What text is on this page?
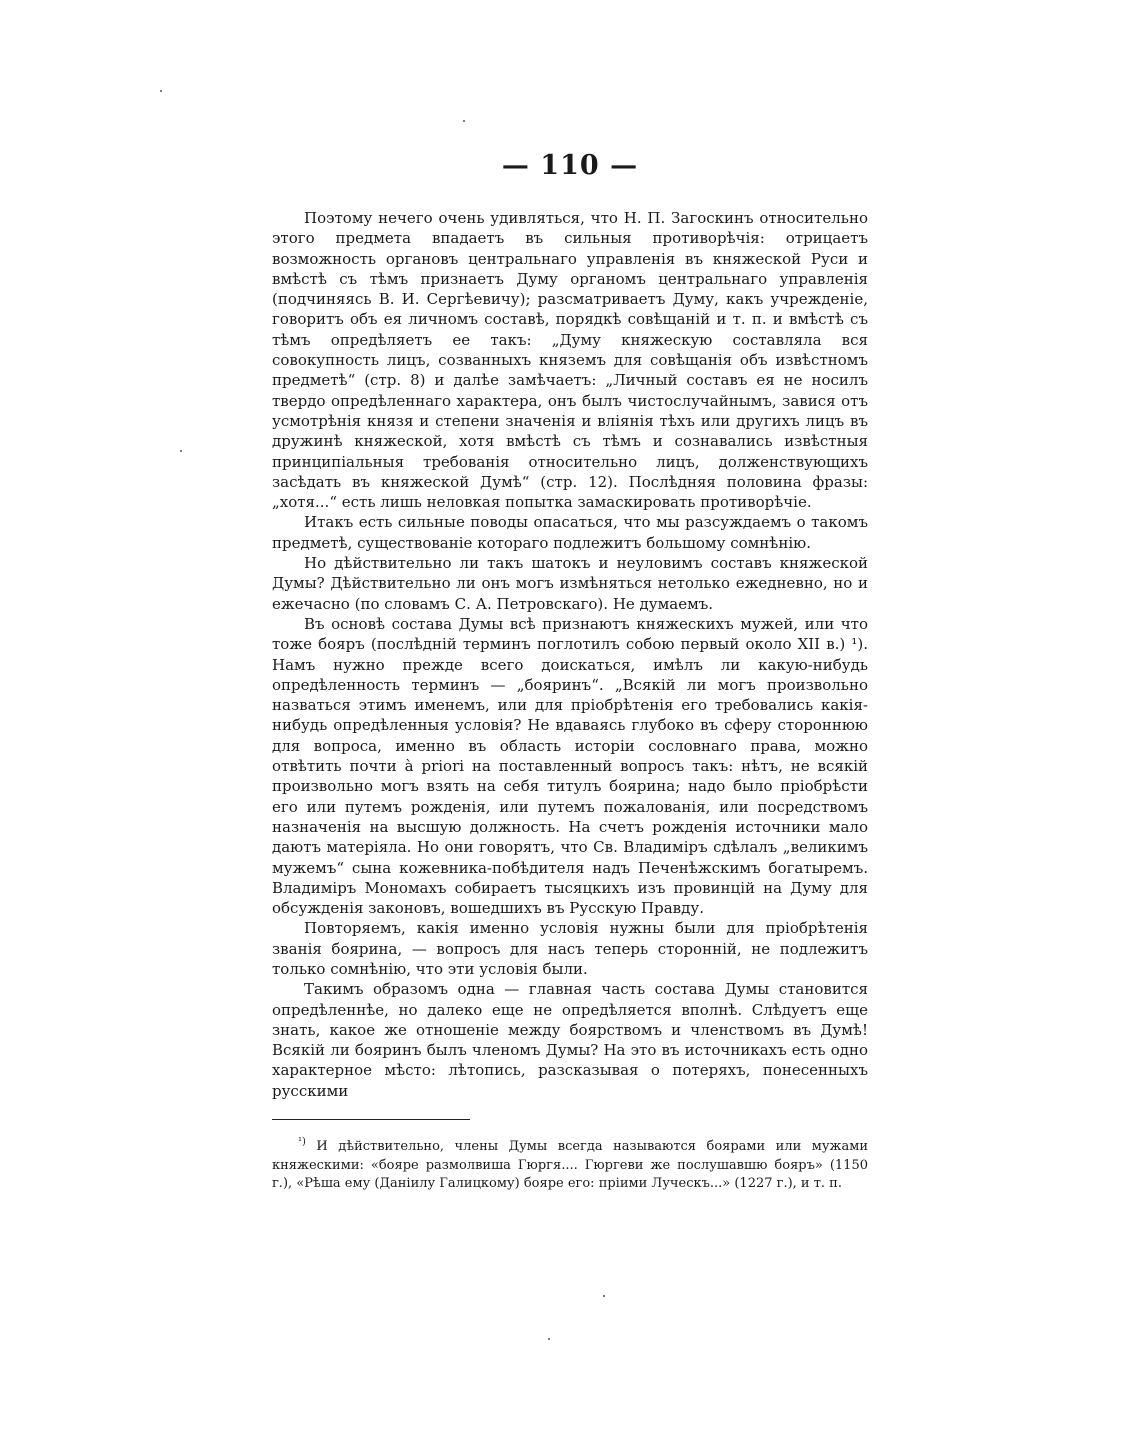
— 110 —

Поэтому нечего очень удивляться, что Н. П. Загоскинъ относительно этого предмета впадаетъ въ сильныя противорѣчія: отрицаетъ возможность органовъ центральнаго управленія въ княжеской Руси и вмѣстѣ съ тѣмъ признаетъ Думу органомъ центральнаго управленія (подчиняясь В. И. Сергѣевичу); разсматриваетъ Думу, какъ учрежденіе, говоритъ объ ея личномъ составѣ, порядкѣ совѣщаній и т. п. и вмѣстѣ съ тѣмъ опредѣляетъ ее такъ: „Думу княжескую составляла вся совокупность лицъ, созванныхъ княземъ для совѣщанія объ извѣстномъ предметѣ“ (стр. 8) и далѣе замѣчаетъ: „Личный составъ ея не носилъ твердо опредѣленнаго характера, онъ былъ чистослучайнымъ, завися отъ усмотрѣнія князя и степени значенія и вліянія тѣхъ или другихъ лицъ въ дружинѣ княжеской, хотя вмѣстѣ съ тѣмъ и сознавались извѣстныя принципіальныя требованія относительно лицъ, долженствующихъ засѣдать въ княжеской Думѣ“ (стр. 12). Послѣдняя половина фразы: „хотя...“ есть лишь неловкая попытка замаскировать противорѣчіе.

Итакъ есть сильные поводы опасаться, что мы разсуждаемъ о такомъ предметѣ, существованіе котораго подлежитъ большому сомнѣнію.

Но дѣйствительно ли такъ шатокъ и неуловимъ составъ княжеской Думы? Дѣйствительно ли онъ могъ измѣняться нетолько ежедневно, но и ежечасно (по словамъ С. А. Петровскаго). Не думаемъ.

Въ основѣ состава Думы всѣ признаютъ княжескихъ мужей, или что тоже бояръ (послѣдній терминъ поглотилъ собою первый около XII в.) ¹). Намъ нужно прежде всего доискаться, имѣлъ ли какую-нибудь опредѣленность терминъ — „бояринъ“. „Всякій ли могъ произвольно назваться этимъ именемъ, или для пріобрѣтенія его требовались какія-нибудь опредѣленныя условія? Не вдаваясь глубоко въ сферу стороннюю для вопроса, именно въ область исторіи сословнаго права, можно отвѣтить почти à priori на поставленный вопросъ такъ: нѣтъ, не всякій произвольно могъ взять на себя титулъ боярина; надо было пріобрѣсти его или путемъ рожденія, или путемъ пожалованія, или посредствомъ назначенія на высшую должность. На счетъ рожденія источники мало даютъ матеріяла. Но они говорятъ, что Св. Владиміръ сдѣлалъ „великимъ мужемъ“ сына кожевника-побѣдителя надъ Печенѣжскимъ богатыремъ. Владиміръ Мономахъ собираетъ тысяцкихъ изъ провинцій на Думу для обсужденія законовъ, вошедшихъ въ Русскую Правду.

Повторяемъ, какія именно условія нужны были для пріобрѣтенія званія боярина, — вопросъ для насъ теперь сторонній, не подлежитъ только сомнѣнію, что эти условія были.

Такимъ образомъ одна — главная часть состава Думы становится опредѣленнѣе, но далеко еще не опредѣляется вполнѣ. Слѣдуетъ еще знать, какое же отношеніе между боярствомъ и членствомъ въ Думѣ! Всякій ли бояринъ былъ членомъ Думы? На это въ источникахъ есть одно характерное мѣсто: лѣтопись, разсказывая о потеряхъ, понесенныхъ русскими

$^{^1)}$ И дѣйствительно, члены Думы всегда называются боярами или мужами княжескими: «бояре размолвиша Гюргя.... Гюргеви же послушавшю бояръ» (1150 г.), «Рѣша ему (Даніилу Галицкому) бояре его: пріими Луческъ...» (1227 г.), и т. п.
